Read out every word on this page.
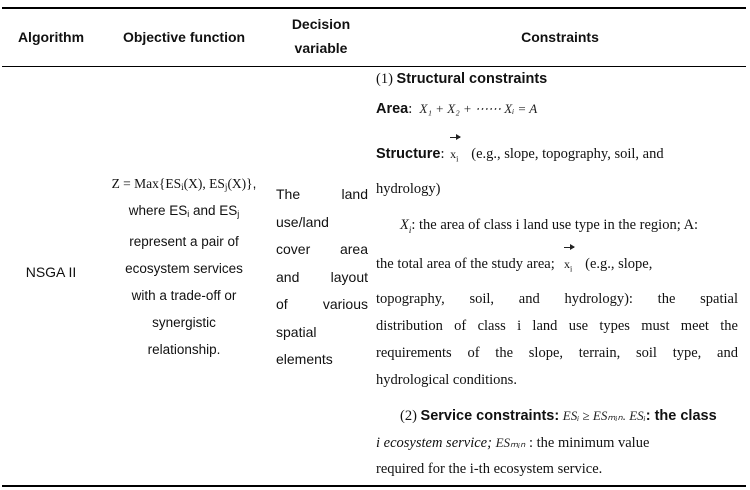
Algorithm	Objective function
Decision
variable
Constraints
NSGA II
$Z = Max\{ES_i(X)$, $ES_j(X)$},
where $ES_i$ and $ES_j$
represent a pair of
ecosystem services
with a trade-off or
synergistic
relationship.
The land
use/land
cover area
and layout
of various
spatial
elements
(1) Structural constraints
Area: X₁ + X₂ + ⋯⋯ Xᵢ = A
Structure: $x_i$ (e.g., slope, topography, soil, and
hydrology)
$X_i$: the area of class i land use type in the region; A:
the total area of the study area; $x_i$ (e.g., slope,
topography, soil, and hydrology): the spatial
distribution of class i land use types must meet the
requirements of the slope, terrain, soil type, and
hydrological conditions.
(2) Service constraints: ESᵢ ≥ ESₘᵢₙ. ESᵢ: the class
i ecosystem service; ESₘᵢₙ : the minimum value
required for the i-th ecosystem service.
